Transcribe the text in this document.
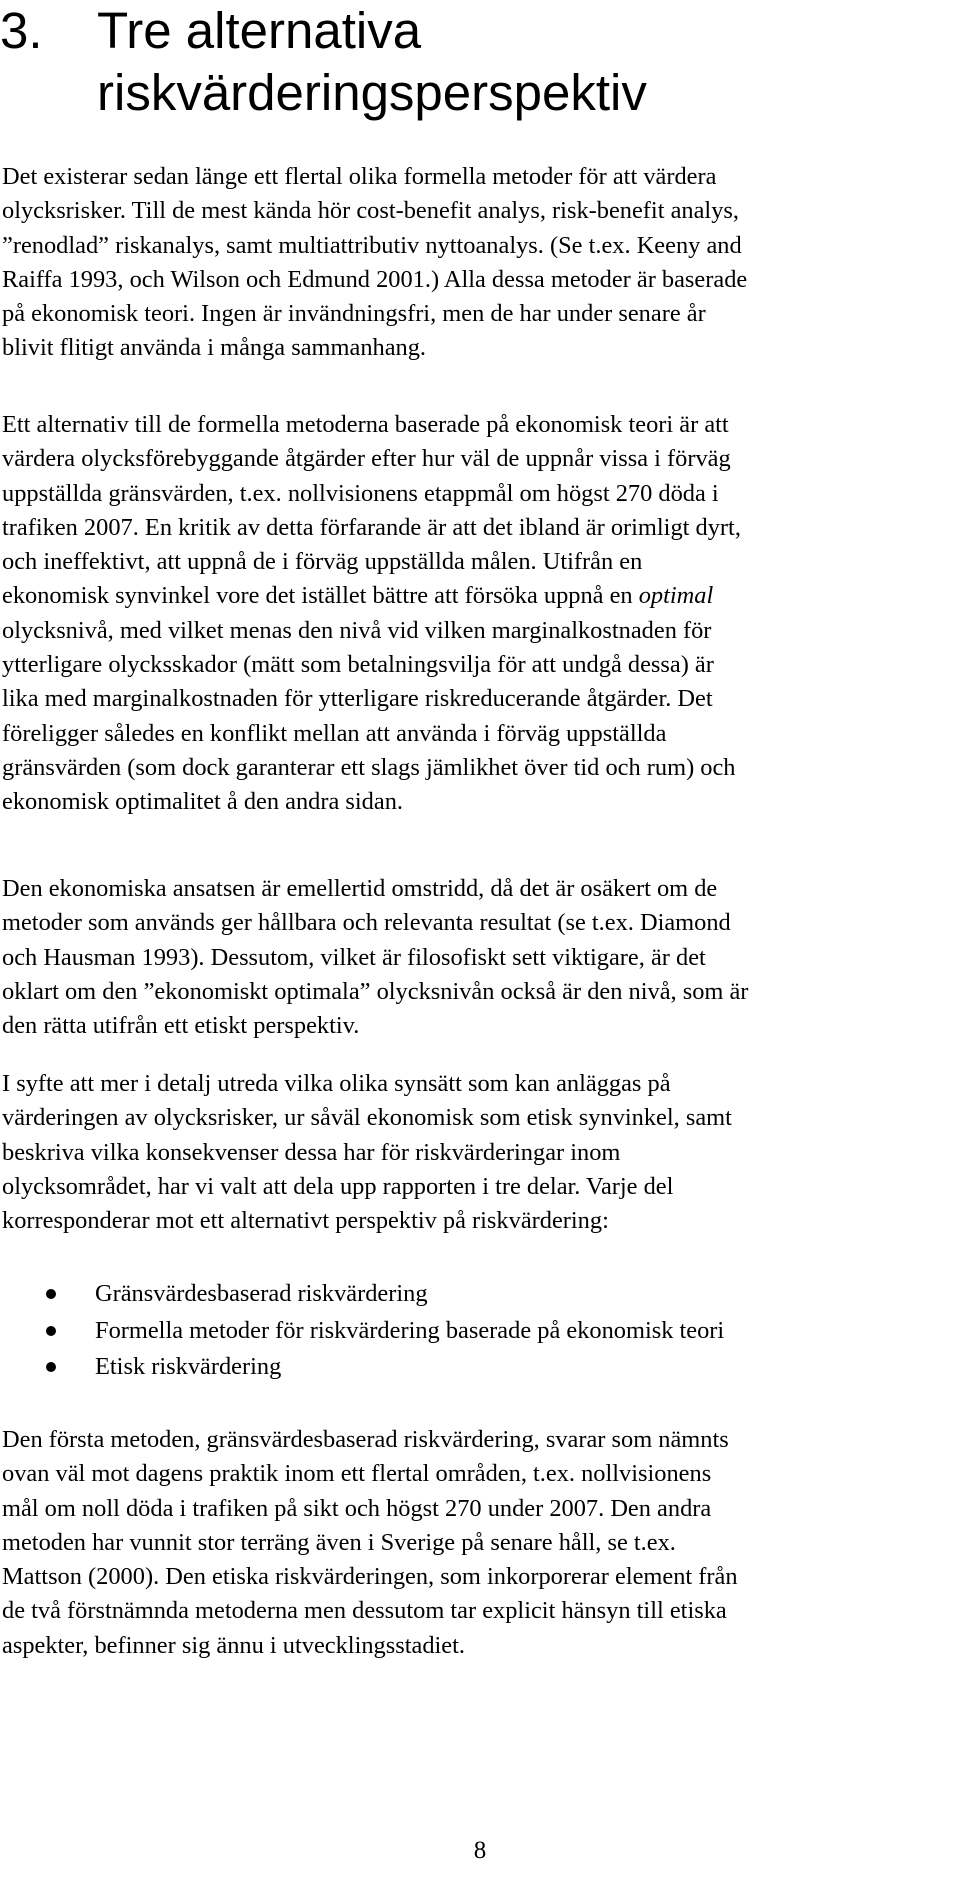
3. Tre alternativa
riskvärderingsperspektiv

Det existerar sedan länge ett flertal olika formella metoder för att värdera
olycksrisker. Till de mest kända hör cost-benefit analys, risk-benefit analys,
”renodlad” riskanalys, samt multiattributiv nyttoanalys. (Se t.ex. Keeny and
Raiffa 1993, och Wilson och Edmund 2001.) Alla dessa metoder är baserade
på ekonomisk teori. Ingen är invändningsfri, men de har under senare år
blivit flitigt använda i många sammanhang.

Ett alternativ till de formella metoderna baserade på ekonomisk teori är att
värdera olycksförebyggande åtgärder efter hur väl de uppnår vissa i förväg
uppställda gränsvärden, t.ex. nollvisionens etappmål om högst 270 döda i
trafiken 2007. En kritik av detta förfarande är att det ibland är orimligt dyrt,
och ineffektivt, att uppnå de i förväg uppställda målen. Utifrån en
ekonomisk synvinkel vore det istället bättre att försöka uppnå en optimal
olycksnivå, med vilket menas den nivå vid vilken marginalkostnaden för
ytterligare olycksskador (mätt som betalningsvilja för att undgå dessa) är
lika med marginalkostnaden för ytterligare riskreducerande åtgärder. Det
föreligger således en konflikt mellan att använda i förväg uppställda
gränsvärden (som dock garanterar ett slags jämlikhet över tid och rum) och
ekonomisk optimalitet å den andra sidan.

Den ekonomiska ansatsen är emellertid omstridd, då det är osäkert om de
metoder som används ger hållbara och relevanta resultat (se t.ex. Diamond
och Hausman 1993). Dessutom, vilket är filosofiskt sett viktigare, är det
oklart om den ”ekonomiskt optimala” olycksnivån också är den nivå, som är
den rätta utifrån ett etiskt perspektiv.

I syfte att mer i detalj utreda vilka olika synsätt som kan anläggas på
värderingen av olycksrisker, ur såväl ekonomisk som etisk synvinkel, samt
beskriva vilka konsekvenser dessa har för riskvärderingar inom
olycksområdet, har vi valt att dela upp rapporten i tre delar. Varje del
korresponderar mot ett alternativt perspektiv på riskvärdering:

Gränsvärdesbaserad riskvärdering
Formella metoder för riskvärdering baserade på ekonomisk teori
Etisk riskvärdering

Den första metoden, gränsvärdesbaserad riskvärdering, svarar som nämnts
ovan väl mot dagens praktik inom ett flertal områden, t.ex. nollvisionens
mål om noll döda i trafiken på sikt och högst 270 under 2007. Den andra
metoden har vunnit stor terräng även i Sverige på senare håll, se t.ex.
Mattson (2000). Den etiska riskvärderingen, som inkorporerar element från
de två förstnämnda metoderna men dessutom tar explicit hänsyn till etiska
aspekter, befinner sig ännu i utvecklingsstadiet.

8
